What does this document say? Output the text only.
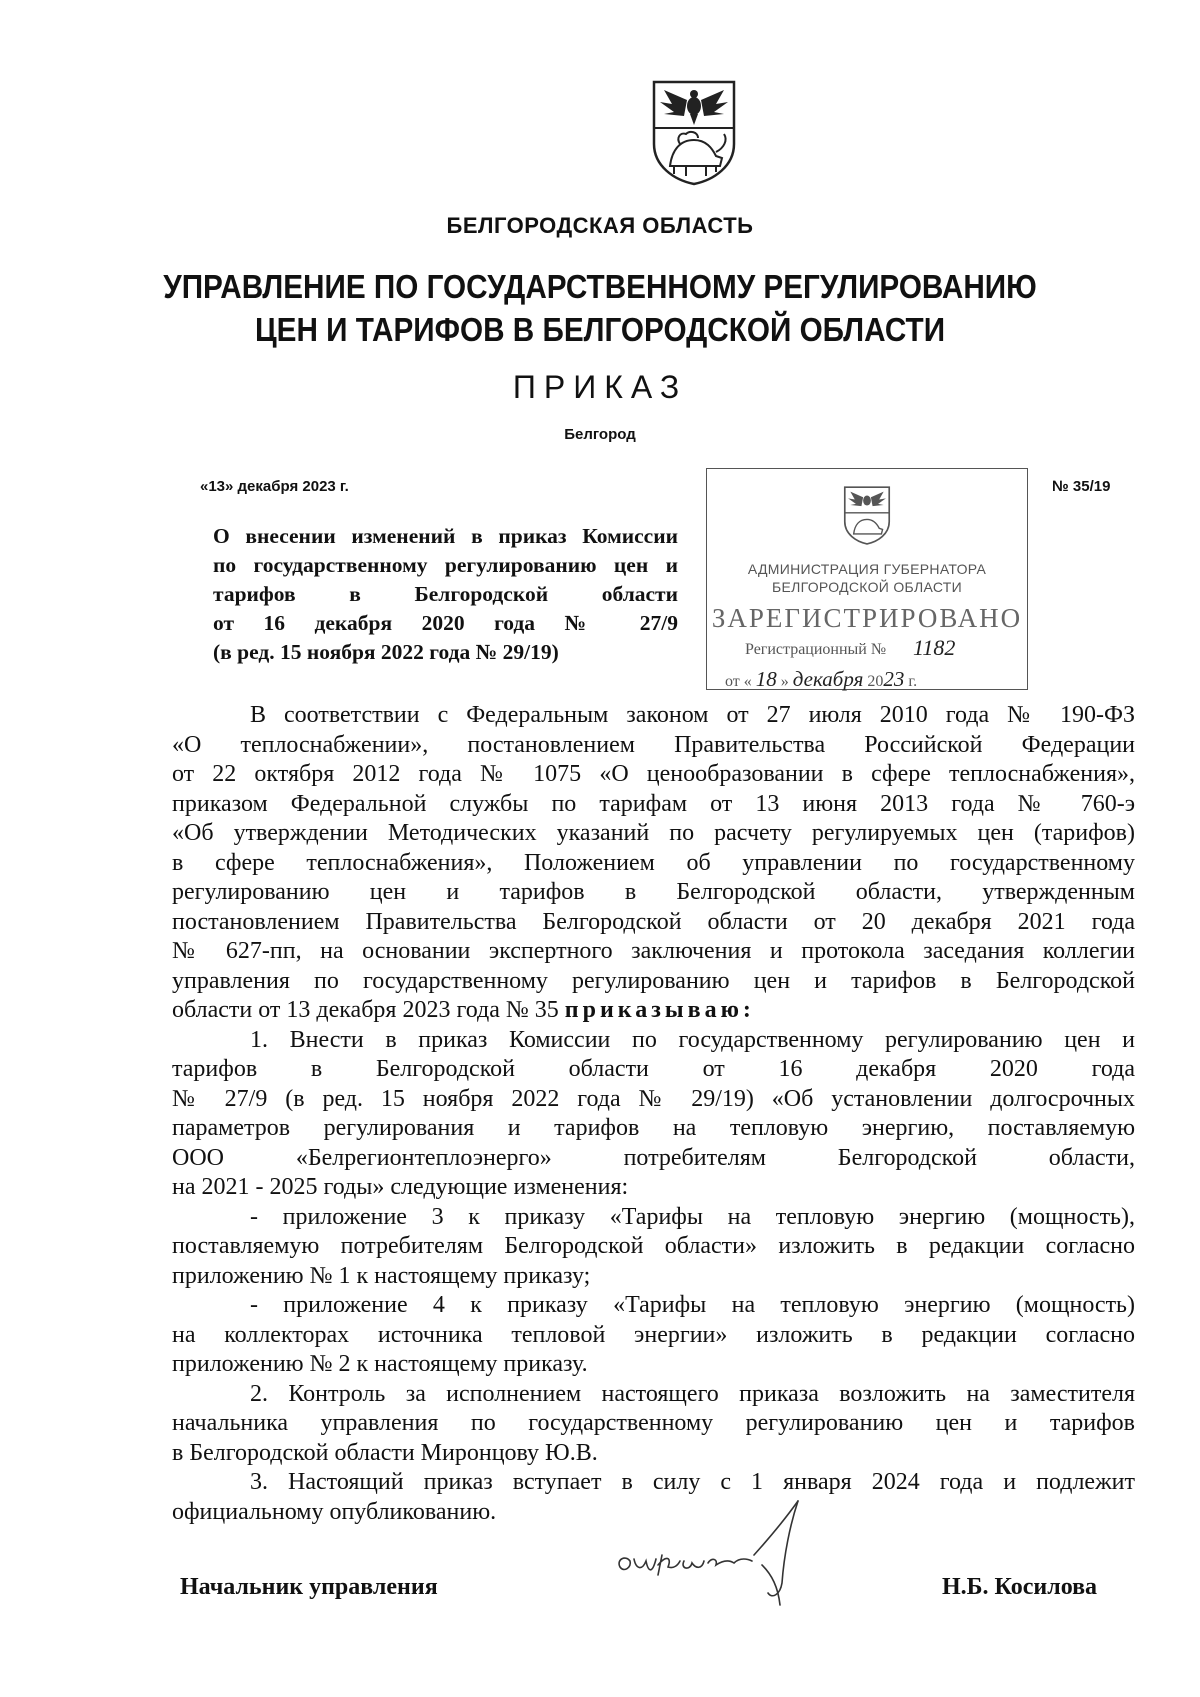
БЕЛГОРОДСКАЯ ОБЛАСТЬ
УПРАВЛЕНИЕ ПО ГОСУДАРСТВЕННОМУ РЕГУЛИРОВАНИЮ
ЦЕН И ТАРИФОВ В БЕЛГОРОДСКОЙ ОБЛАСТИ
ПРИКАЗ
Белгород
«13» декабря 2023 г.	№ 35/19
О внесении изменений в приказ Комиссии
по государственному регулированию цен и
тарифов в Белгородской области
от 16 декабря 2020 года № 27/9
(в ред. 15 ноября 2022 года № 29/19)
АДМИНИСТРАЦИЯ ГУБЕРНАТОРА
БЕЛГОРОДСКОЙ ОБЛАСТИ
ЗАРЕГИСТРИРОВАНО
Регистрационный № 1182
от « 18 » декабря 2023 г.
В соответствии с Федеральным законом от 27 июля 2010 года № 190-ФЗ
«О теплоснабжении», постановлением Правительства Российской Федерации
от 22 октября 2012 года № 1075 «О ценообразовании в сфере теплоснабжения»,
приказом Федеральной службы по тарифам от 13 июня 2013 года № 760-э
«Об утверждении Методических указаний по расчету регулируемых цен (тарифов)
в сфере теплоснабжения», Положением об управлении по государственному
регулированию цен и тарифов в Белгородской области, утвержденным
постановлением Правительства Белгородской области от 20 декабря 2021 года
№ 627-пп, на основании экспертного заключения и протокола заседания коллегии
управления по государственному регулированию цен и тарифов в Белгородской
области от 13 декабря 2023 года № 35 приказываю:
1. Внести в приказ Комиссии по государственному регулированию цен и
тарифов в Белгородской области от 16 декабря 2020 года
№ 27/9 (в ред. 15 ноября 2022 года № 29/19) «Об установлении долгосрочных
параметров регулирования и тарифов на тепловую энергию, поставляемую
ООО «Белрегионтеплоэнерго» потребителям Белгородской области,
на 2021 - 2025 годы» следующие изменения:
- приложение 3 к приказу «Тарифы на тепловую энергию (мощность),
поставляемую потребителям Белгородской области» изложить в редакции согласно
приложению № 1 к настоящему приказу;
- приложение 4 к приказу «Тарифы на тепловую энергию (мощность)
на коллекторах источника тепловой энергии» изложить в редакции согласно
приложению № 2 к настоящему приказу.
2. Контроль за исполнением настоящего приказа возложить на заместителя
начальника управления по государственному регулированию цен и тарифов
в Белгородской области Миронцову Ю.В.
3. Настоящий приказ вступает в силу с 1 января 2024 года и подлежит
официальному опубликованию.
Начальник управления	Н.Б. Косилова
